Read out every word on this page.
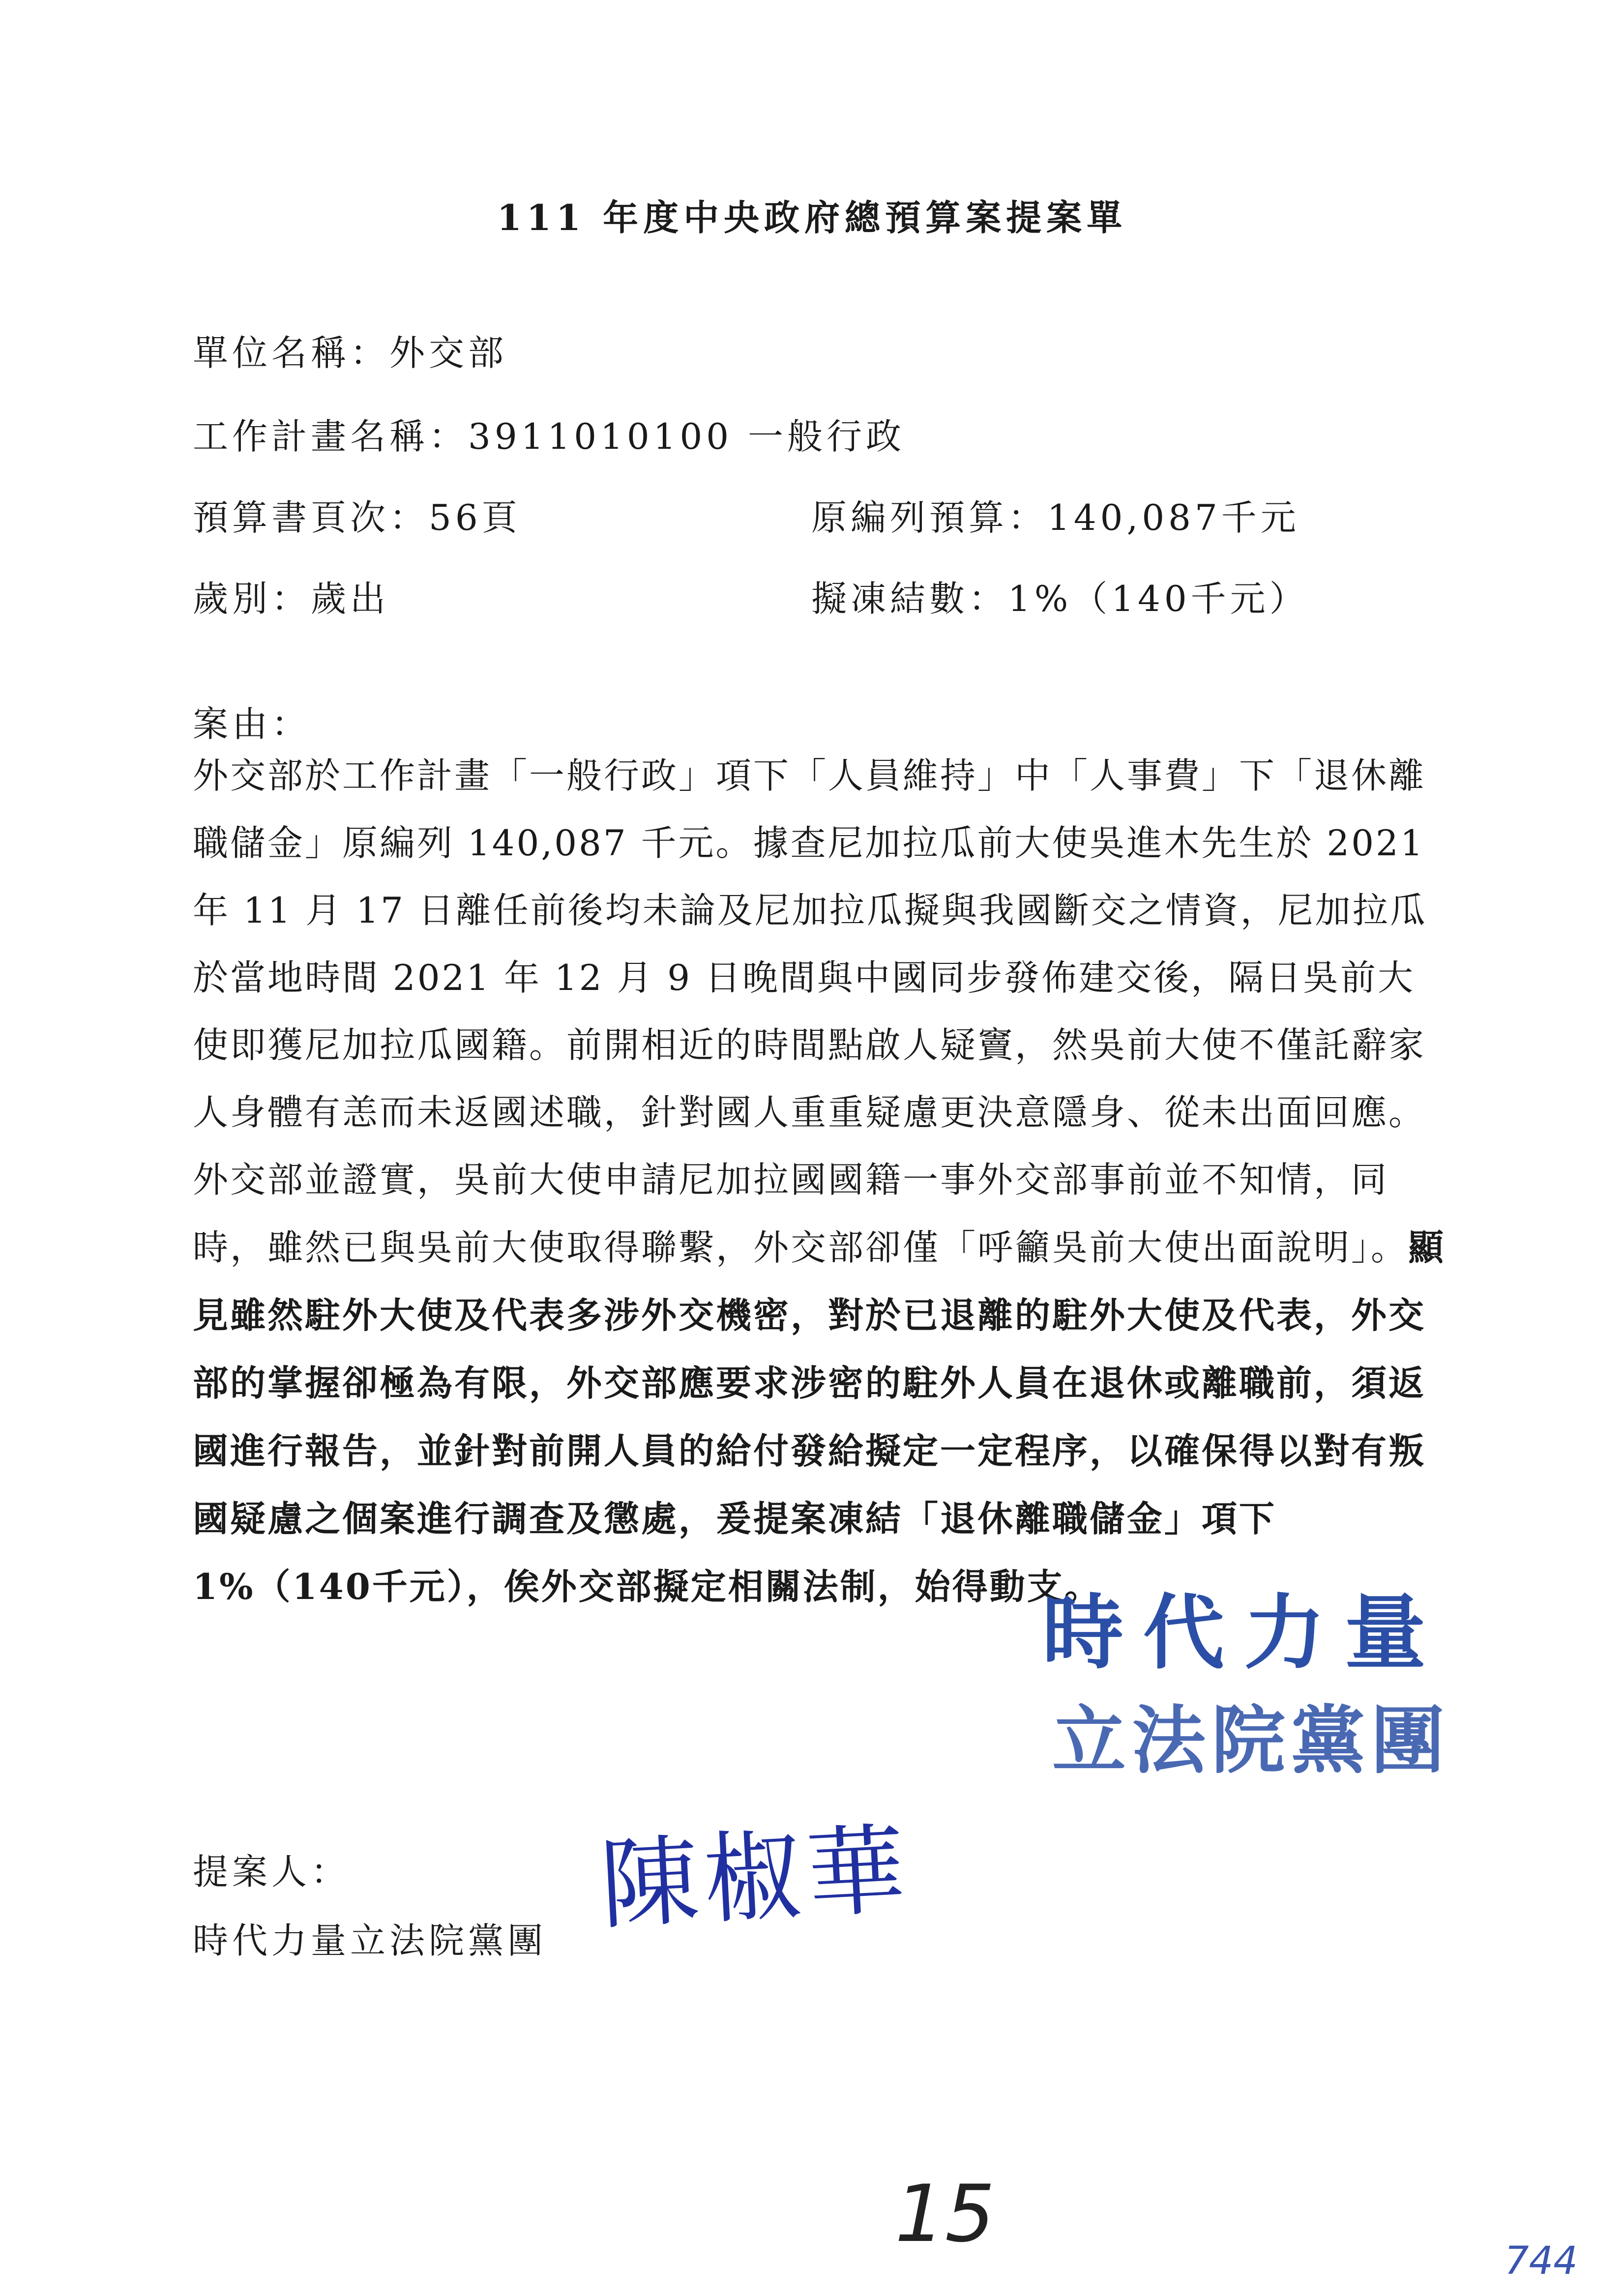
111 年度中央政府總預算案提案單
單位名稱：外交部
工作計畫名稱：3911010100 一般行政
預算書頁次：56頁	原編列預算：140,087千元
歲別：歲出	擬凍結數：1%（140千元）
案由：
外交部於工作計畫「一般行政」項下「人員維持」中「人事費」下「退休離職儲金」原編列 140,087 千元。據查尼加拉瓜前大使吳進木先生於 2021 年 11 月 17 日離任前後均未論及尼加拉瓜擬與我國斷交之情資，尼加拉瓜於當地時間 2021 年 12 月 9 日晚間與中國同步發佈建交後，隔日吳前大使即獲尼加拉瓜國籍。前開相近的時間點啟人疑竇，然吳前大使不僅託辭家人身體有恙而未返國述職，針對國人重重疑慮更決意隱身、從未出面回應。外交部並證實，吳前大使申請尼加拉國國籍一事外交部事前並不知情，同時，雖然已與吳前大使取得聯繫，外交部卻僅「呼籲吳前大使出面說明」。顯見雖然駐外大使及代表多涉外交機密，對於已退離的駐外大使及代表，外交部的掌握卻極為有限，外交部應要求涉密的駐外人員在退休或離職前，須返國進行報告，並針對前開人員的給付發給擬定一定程序，以確保得以對有叛國疑慮之個案進行調查及懲處，爰提案凍結「退休離職儲金」項下 1%（140千元），俟外交部擬定相關法制，始得動支。
時代力量
立法院黨團
提案人：
時代力量立法院黨團 陳椒華
15
744
